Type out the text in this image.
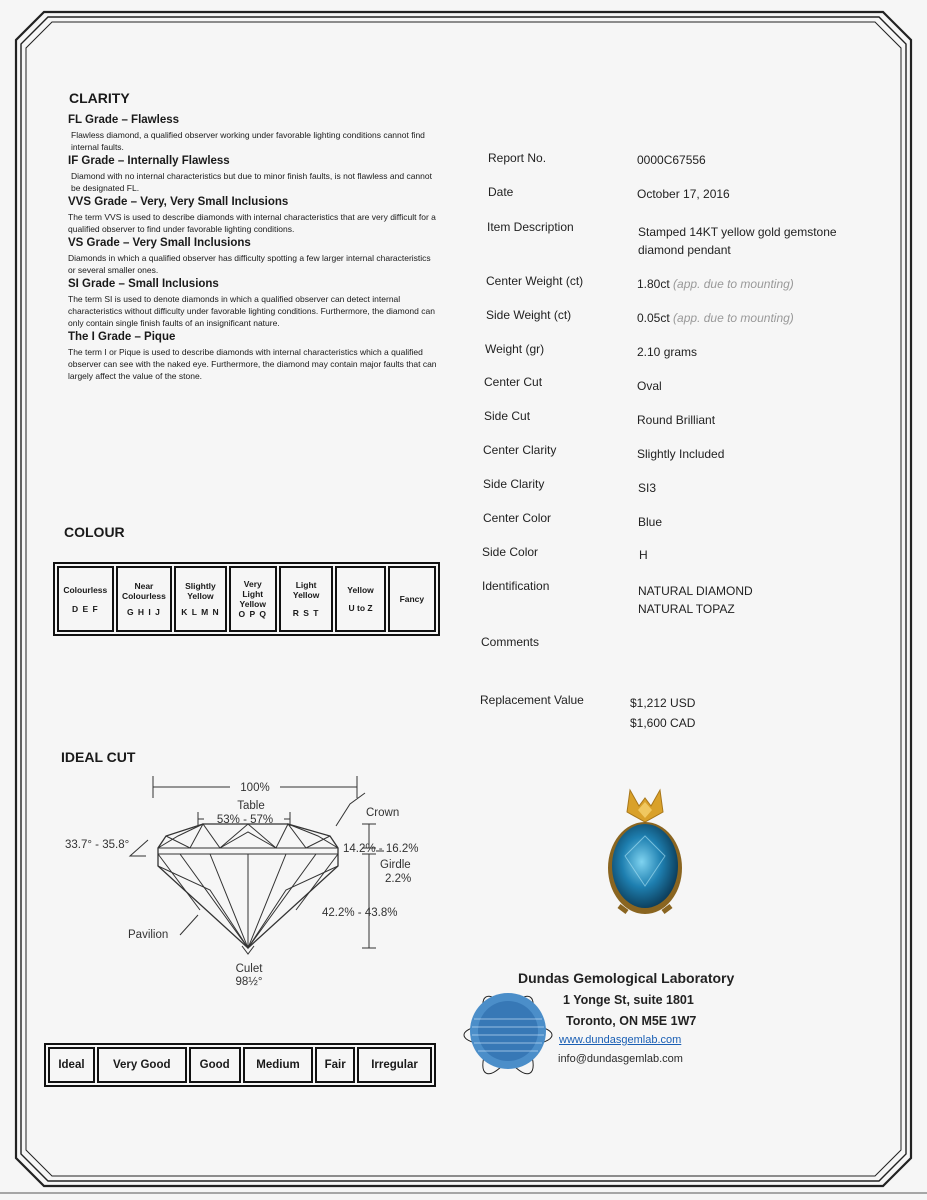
CLARITY
FL Grade – Flawless
Flawless diamond, a qualified observer working under favorable lighting conditions cannot find internal faults.
IF Grade – Internally Flawless
Diamond with no internal characteristics but due to minor finish faults, is not flawless and cannot be designated FL.
VVS Grade – Very, Very Small Inclusions
The term VVS is used to describe diamonds with internal characteristics that are very difficult for a qualified observer to find under favorable lighting conditions.
VS Grade – Very Small Inclusions
Diamonds in which a qualified observer has difficulty spotting a few larger internal characteristics or several smaller ones.
SI Grade – Small Inclusions
The term SI is used to denote diamonds in which a qualified observer can detect internal characteristics without difficulty under favorable lighting conditions. Furthermore, the diamond can only contain single finish faults of an insignificant nature.
The I Grade – Pique
The term I or Pique is used to describe diamonds with internal characteristics which a qualified observer can see with the naked eye. Furthermore, the diamond may contain major faults that can largely affect the value of the stone.
COLOUR
Colourless
D E F

Near Colourless
G H I J

Slightly Yellow
K L M N

Very Light Yellow
O P Q

Light Yellow
R S T

Yellow
U to Z

Fancy
IDEAL CUT
100%
Table
53% - 57%
Crown
33.7° - 35.8°	14.2% - 16.2%
Girdle
2.2%
42.2% - 43.8%
Pavilion
Culet
98½°
Ideal	Very Good	Good	Medium	Fair	Irregular
Report No.	0000C67556
Date	October 17, 2016
Item Description	Stamped 14KT yellow gold gemstone diamond pendant
Center Weight (ct)	1.80ct (app. due to mounting)
Side Weight (ct)	0.05ct (app. due to mounting)
Weight (gr)	2.10 grams
Center Cut	Oval
Side Cut	Round Brilliant
Center Clarity	Slightly Included
Side Clarity	SI3
Center Color	Blue
Side Color	H
Identification	NATURAL DIAMOND
NATURAL TOPAZ
Comments
Replacement Value	$1,212 USD
$1,600 CAD
Dundas Gemological Laboratory
1 Yonge St, suite 1801
Toronto, ON M5E 1W7
www.dundasgemlab.com
info@dundasgemlab.com
